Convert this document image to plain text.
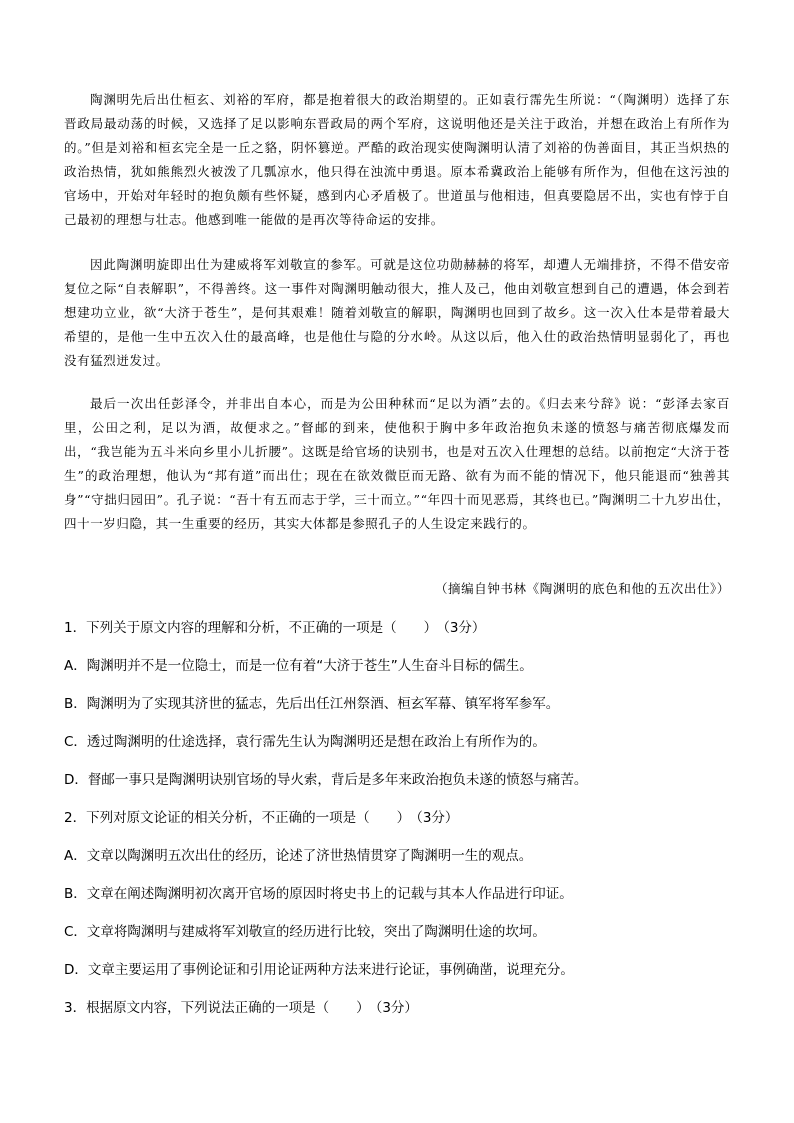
陶渊明先后出仕桓玄、刘裕的军府，都是抱着很大的政治期望的。正如袁行霈先生所说：“（陶渊明）选择了东晋政局最动荡的时候，又选择了足以影响东晋政局的两个军府，这说明他还是关注于政治，并想在政治上有所作为的。”但是刘裕和桓玄完全是一丘之貉，阴怀篡逆。严酷的政治现实使陶渊明认清了刘裕的伪善面目，其正当炽热的政治热情，犹如熊熊烈火被泼了几瓢凉水，他只得在浊流中勇退。原本希冀政治上能够有所作为，但他在这污浊的官场中，开始对年轻时的抱负颇有些怀疑，感到内心矛盾极了。世道虽与他相违，但真要隐居不出，实也有悖于自己最初的理想与壮志。他感到唯一能做的是再次等待命运的安排。

因此陶渊明旋即出仕为建威将军刘敬宣的参军。可就是这位功勋赫赫的将军，却遭人无端排挤，不得不借安帝复位之际“自表解职”，不得善终。这一事件对陶渊明触动很大，推人及己，他由刘敬宣想到自己的遭遇，体会到若想建功立业，欲“大济于苍生”，是何其艰难！随着刘敬宣的解职，陶渊明也回到了故乡。这一次入仕本是带着最大希望的，是他一生中五次入仕的最高峰，也是他仕与隐的分水岭。从这以后，他入仕的政治热情明显弱化了，再也没有猛烈迸发过。

最后一次出任彭泽令，并非出自本心，而是为公田种秫而“足以为酒”去的。《归去来兮辞》说：“彭泽去家百里，公田之利，足以为酒，故便求之。”督邮的到来，使他积于胸中多年政治抱负未遂的愤怒与痛苦彻底爆发而出，“我岂能为五斗米向乡里小儿折腰”。这既是给官场的诀别书，也是对五次入仕理想的总结。以前抱定“大济于苍生”的政治理想，他认为“邦有道”而出仕；现在在欲效微臣而无路、欲有为而不能的情况下，他只能退而“独善其身”“守拙归园田”。孔子说：“吾十有五而志于学，三十而立。”“年四十而见恶焉，其终也已。”陶渊明二十九岁出仕，四十一岁归隐，其一生重要的经历，其实大体都是参照孔子的人生设定来践行的。

（摘编自钟书林《陶渊明的底色和他的五次出仕》）
1．下列关于原文内容的理解和分析，不正确的一项是（　　） （3分）
A．陶渊明并不是一位隐士，而是一位有着“大济于苍生”人生奋斗目标的儒生。
B．陶渊明为了实现其济世的猛志，先后出任江州祭酒、桓玄军幕、镇军将军参军。
C．透过陶渊明的仕途选择，袁行霈先生认为陶渊明还是想在政治上有所作为的。
D．督邮一事只是陶渊明诀别官场的导火索，背后是多年来政治抱负未遂的愤怒与痛苦。
2．下列对原文论证的相关分析，不正确的一项是（　　） （3分）
A．文章以陶渊明五次出仕的经历，论述了济世热情贯穿了陶渊明一生的观点。
B．文章在阐述陶渊明初次离开官场的原因时将史书上的记载与其本人作品进行印证。
C．文章将陶渊明与建威将军刘敬宣的经历进行比较，突出了陶渊明仕途的坎坷。
D．文章主要运用了事例论证和引用论证两种方法来进行论证，事例确凿，说理充分。
3．根据原文内容，下列说法正确的一项是（　　） （3分）
